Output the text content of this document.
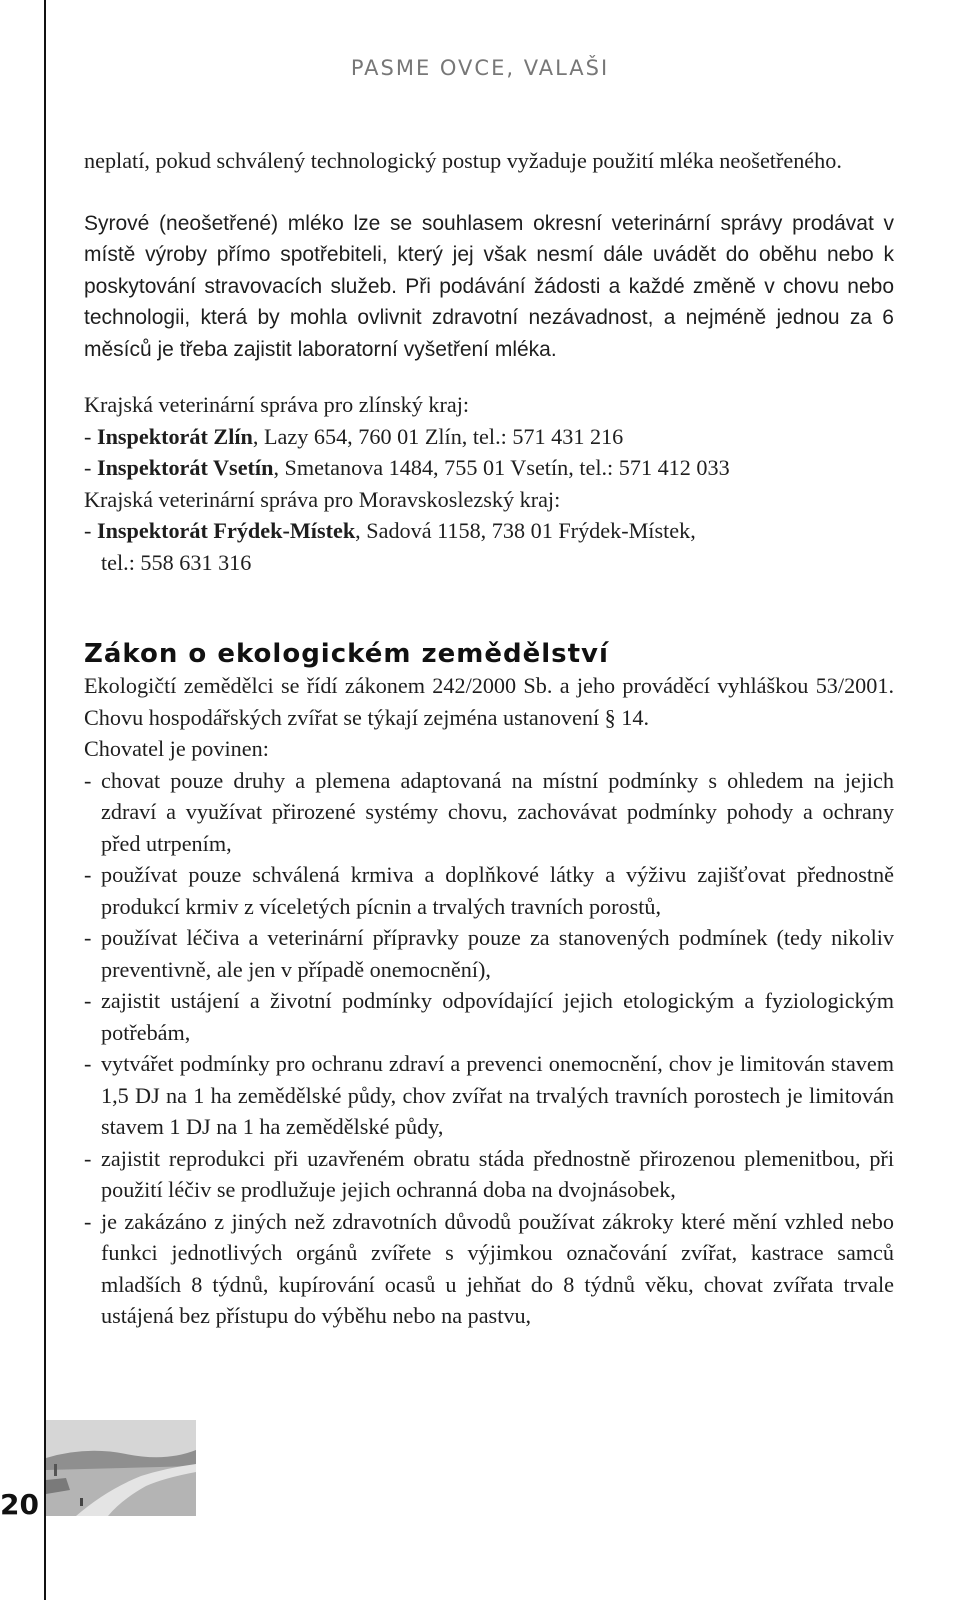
PASME OVCE, VALAŠI

neplatí, pokud schválený technologický postup vyžaduje použití mléka neošetřeného.

Syrové (neošetřené) mléko lze se souhlasem okresní veterinární správy prodávat v místě výroby přímo spotřebiteli, který jej však nesmí dále uvádět do oběhu nebo k poskytování stravovacích služeb. Při podávání žádosti a každé změně v chovu nebo technologii, která by mohla ovlivnit zdravotní nezávadnost, a nejméně jednou za 6 měsíců je třeba zajistit laboratorní vyšetření mléka.

Krajská veterinární správa pro zlínský kraj:

- Inspektorát Zlín, Lazy 654, 760 01 Zlín, tel.: 571 431 216

- Inspektorát Vsetín, Smetanova 1484, 755 01 Vsetín, tel.: 571 412 033

Krajská veterinární správa pro Moravskoslezský kraj:

- Inspektorát Frýdek-Místek, Sadová 1158, 738 01 Frýdek-Místek,

tel.: 558 631 316

Zákon o ekologickém zemědělství

Ekologičtí zemědělci se řídí zákonem 242/2000 Sb. a jeho prováděcí vyhláškou 53/2001. Chovu hospodářských zvířat se týkají zejména ustanovení § 14.

Chovatel je povinen:

- chovat pouze druhy a plemena adaptovaná na místní podmínky s ohledem na jejich zdraví a využívat přirozené systémy chovu, zachovávat podmínky pohody a ochrany před utrpením,
- používat pouze schválená krmiva a doplňkové látky a výživu zajišťovat přednostně produkcí krmiv z víceletých pícnin a trvalých travních porostů,
- používat léčiva a veterinární přípravky pouze za stanovených podmínek (tedy nikoliv preventivně, ale jen v případě onemocnění),
- zajistit ustájení a životní podmínky odpovídající jejich etologickým a fyziologickým potřebám,
- vytvářet podmínky pro ochranu zdraví a prevenci onemocnění, chov je limitován stavem 1,5 DJ na 1 ha zemědělské půdy, chov zvířat na trvalých travních porostech je limitován stavem 1 DJ na 1 ha zemědělské půdy,
- zajistit reprodukci při uzavřeném obratu stáda přednostně přirozenou plemenitbou, při použití léčiv se prodlužuje jejich ochranná doba na dvojnásobek,
- je zakázáno z jiných než zdravotních důvodů používat zákroky které mění vzhled nebo funkci jednotlivých orgánů zvířete s výjimkou označování zvířat, kastrace samců mladších 8 týdnů, kupírování ocasů u jehňat do 8 týdnů věku, chovat zvířata trvale ustájená bez přístupu do výběhu nebo na pastvu,
20
